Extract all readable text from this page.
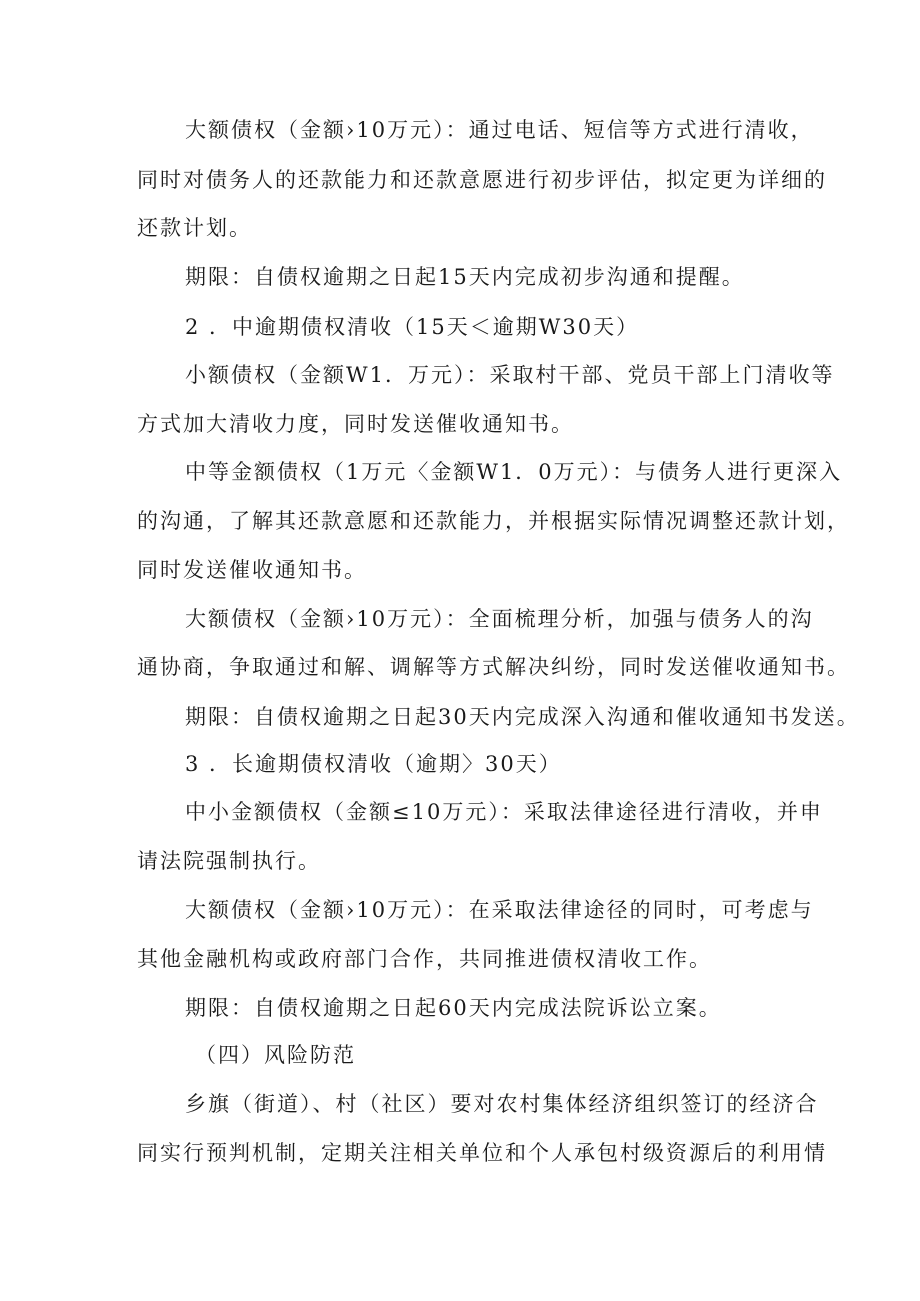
大额债权（金额›10万元）：通过电话、短信等方式进行清收，
同时对债务人的还款能力和还款意愿进行初步评估，拟定更为详细的
还款计划。
期限：自债权逾期之日起15天内完成初步沟通和提醒。
2 ．中逾期债权清收（15天＜逾期W30天）
小额债权（金额W1．万元）：采取村干部、党员干部上门清收等
方式加大清收力度，同时发送催收通知书。
中等金额债权（1万元〈金额W1．0万元）：与债务人进行更深入
的沟通，了解其还款意愿和还款能力，并根据实际情况调整还款计划，
同时发送催收通知书。
大额债权（金额›10万元）：全面梳理分析，加强与债务人的沟
通协商，争取通过和解、调解等方式解决纠纷，同时发送催收通知书。
期限：自债权逾期之日起30天内完成深入沟通和催收通知书发送。
3 ．长逾期债权清收（逾期〉30天）
中小金额债权（金额≤10万元）：采取法律途径进行清收，并申
请法院强制执行。
大额债权（金额›10万元）：在采取法律途径的同时，可考虑与
其他金融机构或政府部门合作，共同推进债权清收工作。
期限：自债权逾期之日起60天内完成法院诉讼立案。
（四）风险防范
乡旗（街道）、村（社区）要对农村集体经济组织签订的经济合
同实行预判机制，定期关注相关单位和个人承包村级资源后的利用情
